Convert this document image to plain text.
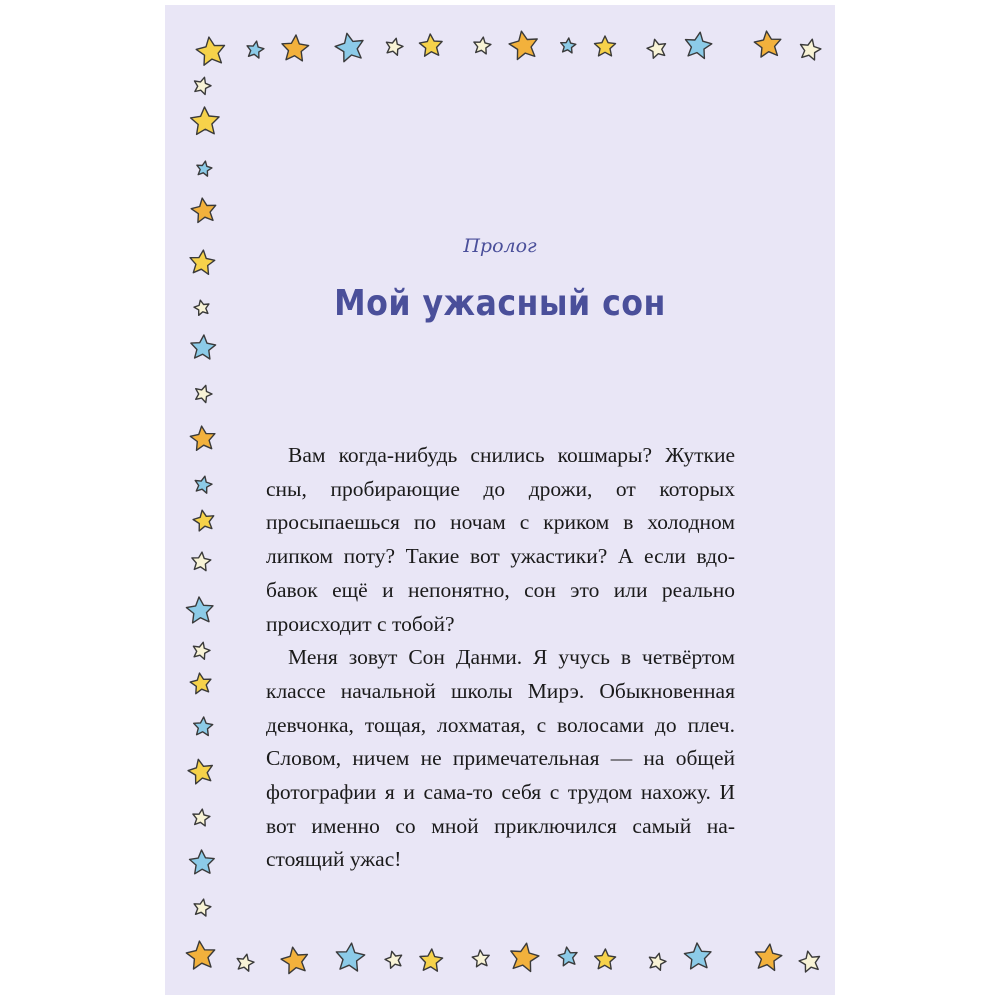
Пролог
Мой ужасный сон

Вам когда-нибудь снились кошмары? Жуткие сны, пробирающие до дрожи, от которых просыпаешься по ночам с криком в холодном липком поту? Такие вот ужастики? А если вдобавок ещё и непонятно, сон это или реально происходит с тобой?

Меня зовут Сон Данми. Я учусь в четвёртом классе начальной школы Мирэ. Обыкновенная девчонка, тощая, лохматая, с волосами до плеч. Словом, ничем не примечательная — на общей фотографии я и сама-то себя с трудом нахожу. И вот именно со мной приключился самый настоящий ужас!
